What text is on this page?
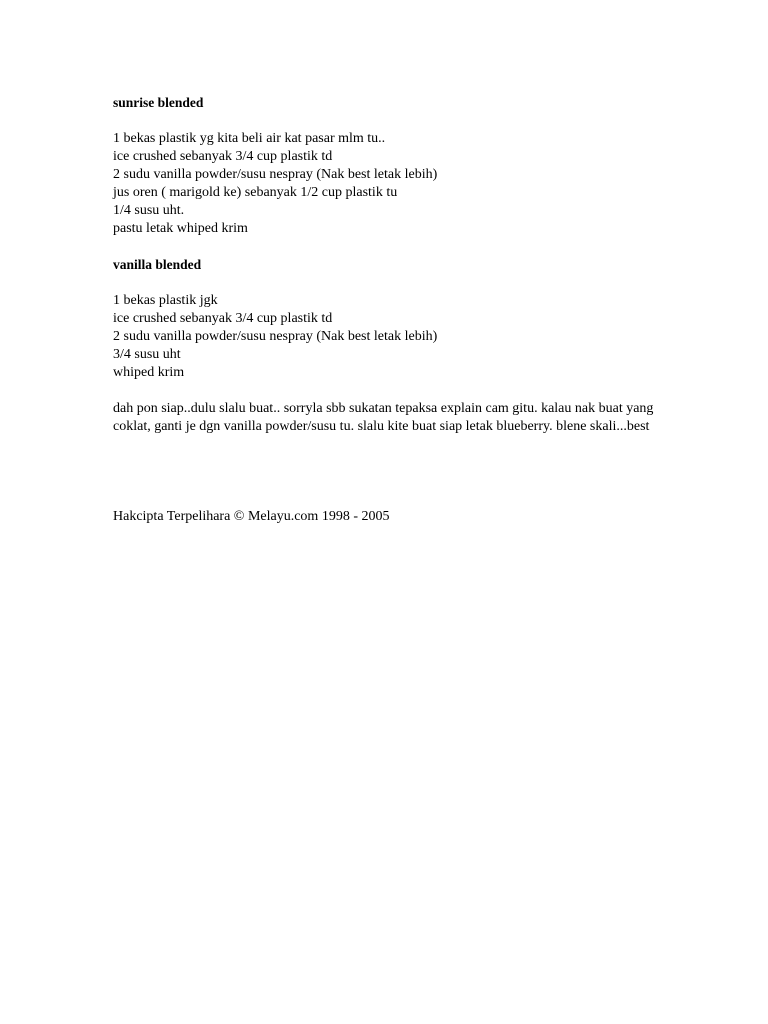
sunrise blended
1 bekas plastik yg kita beli air kat pasar mlm tu..
ice crushed sebanyak 3/4 cup plastik td
2 sudu vanilla powder/susu nespray (Nak best letak lebih)
jus oren ( marigold ke) sebanyak 1/2 cup plastik tu
1/4 susu uht.
pastu letak whiped krim
vanilla blended
1 bekas plastik jgk
ice crushed sebanyak 3/4 cup plastik td
2 sudu vanilla powder/susu nespray (Nak best letak lebih)
3/4 susu uht
whiped krim

dah pon siap..dulu slalu buat.. sorryla sbb sukatan tepaksa explain cam gitu. kalau nak buat yang coklat, ganti je dgn vanilla powder/susu tu. slalu kite buat siap letak blueberry. blene skali...best

Hakcipta Terpelihara © Melayu.com 1998 - 2005
